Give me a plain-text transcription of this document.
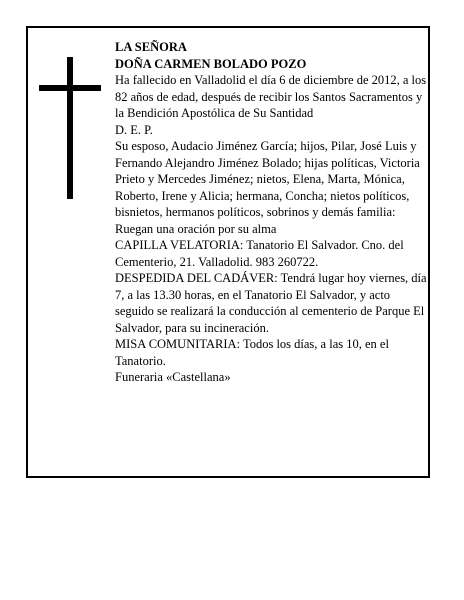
LA SEÑORA

DOÑA CARMEN BOLADO POZO

Ha fallecido en Valladolid el día 6 de diciembre de 2012, a los 82 años de edad, después de recibir los Santos Sacramentos y la Bendición Apostólica de Su Santidad

D. E. P.

Su esposo, Audacio Jiménez García; hijos, Pilar, José Luis y Fernando Alejandro Jiménez Bolado; hijas políticas, Victoria Prieto y Mercedes Jiménez; nietos, Elena, Marta, Mónica, Roberto, Irene y Alicia; hermana, Concha; nietos políticos, bisnietos, hermanos políticos, sobrinos y demás familia:

Ruegan una oración por su alma

CAPILLA VELATORIA: Tanatorio El Salvador. Cno. del Cementerio, 21. Valladolid. 983 260722.

DESPEDIDA DEL CADÁVER: Tendrá lugar hoy viernes, día 7, a las 13.30 horas, en el Tanatorio El Salvador, y acto seguido se realizará la conducción al cementerio de Parque El Salvador, para su incineración.

MISA COMUNITARIA: Todos los días, a las 10, en el Tanatorio.

Funeraria «Castellana»
